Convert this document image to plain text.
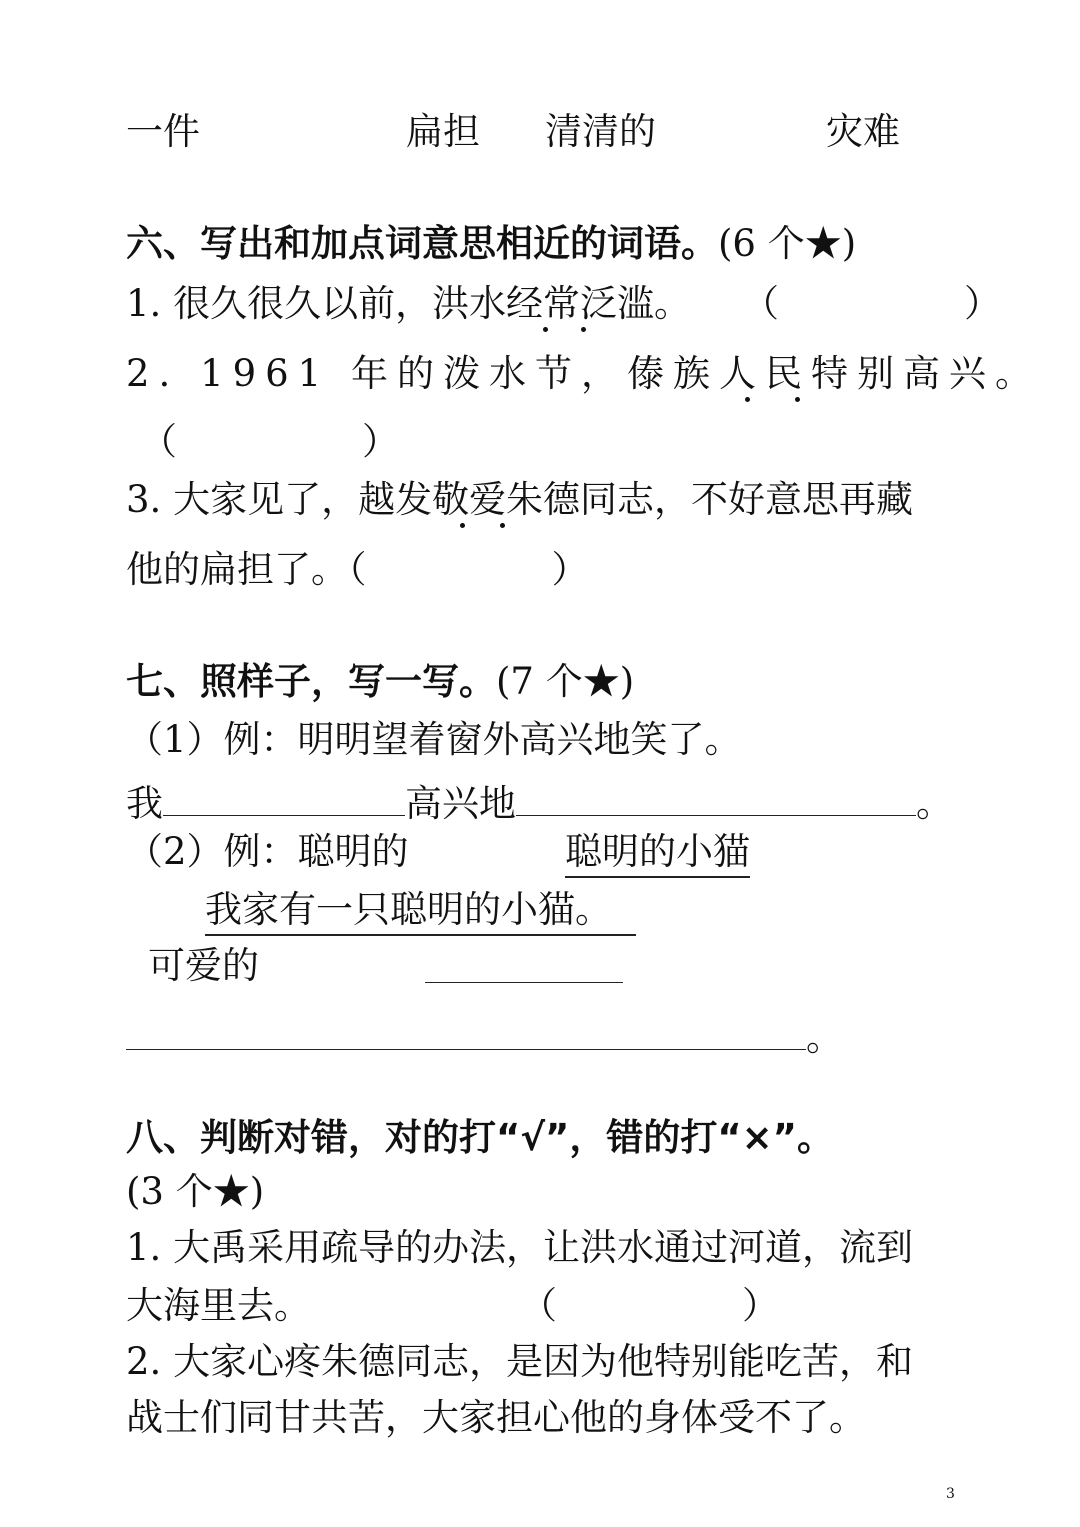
一件	扁担 清清的	灾难
六、写出和加点词意思相近的词语。(6 个★)
1. 很久很久以前，洪水经常泛滥。 （　　　　　）
2. 1961 年的泼水节，傣族人民特别高兴。
（　　　　　）
3. 大家见了，越发敬爱朱德同志，不好意思再藏
他的扁担了。（　　　　　）
七、照样子，写一写。(7 个★)
（1）例：明明望着窗外高兴地笑了。
我	高兴地	。
（2）例：聪明的	聪明的小猫
我家有一只聪明的小猫。
可爱的
。
八、判断对错，对的打“√”，错的打“×”。
(3 个★)
1. 大禹采用疏导的办法，让洪水通过河道，流到
大海里去。	（　　　　　）
2. 大家心疼朱德同志，是因为他特别能吃苦，和
战士们同甘共苦，大家担心他的身体受不了。
3
